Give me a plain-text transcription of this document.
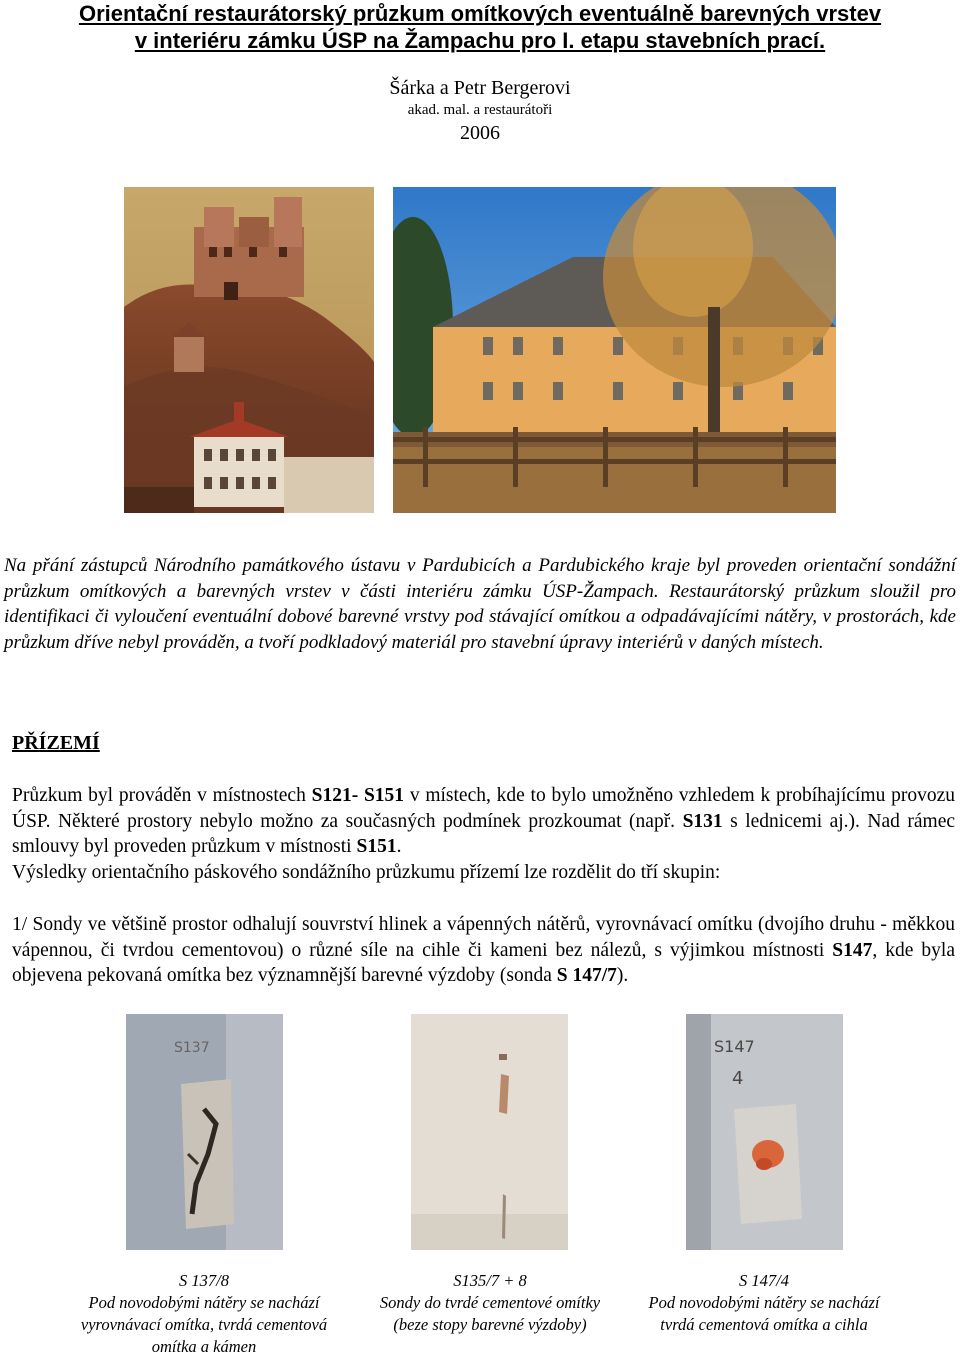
Orientační restaurátorský průzkum omítkových eventuálně barevných vrstev
v interiéru zámku ÚSP na Žampachu pro I. etapu stavebních prací.
Šárka a Petr Bergerovi
akad. mal. a restaurátoři
2006
Na přání zástupců Národního památkového ústavu v Pardubicích a Pardubického kraje byl proveden orientační sondážní průzkum omítkových a barevných vrstev v části interiéru zámku ÚSP-Žampach. Restaurátorský průzkum sloužil pro identifikaci či vyloučení eventuální dobové barevné vrstvy pod stávající omítkou a odpadávajícími nátěry, v prostorách, kde průzkum dříve nebyl prováděn, a tvoří podkladový materiál pro stavební úpravy interiérů v daných místech.
PŘÍZEMÍ
Průzkum byl prováděn v místnostech S121- S151 v místech, kde to bylo umožněno vzhledem k probíhajícímu provozu ÚSP. Některé prostory nebylo možno za současných podmínek prozkoumat (např. S131 s lednicemi aj.). Nad rámec smlouvy byl proveden průzkum v místnosti S151.
Výsledky orientačního páskového sondážního průzkumu přízemí lze rozdělit do tří skupin:
1/ Sondy ve většině prostor odhalují souvrství hlinek a vápenných nátěrů, vyrovnávací omítku (dvojího druhu - měkkou vápennou, či tvrdou cementovou) o různé síle na cihle či kameni bez nálezů, s výjimkou místnosti S147, kde byla objevena pekovaná omítka bez významnější barevné výzdoby (sonda S 147/7).
S137	S147
4
S 137/8
Pod novodobými nátěry se nachází
vyrovnávací omítka, tvrdá cementová
omítka a kámen
S135/7 + 8
Sondy do tvrdé cementové omítky
(beze stopy barevné výzdoby)
S 147/4
Pod novodobými nátěry se nachází
tvrdá cementová omítka a cihla
